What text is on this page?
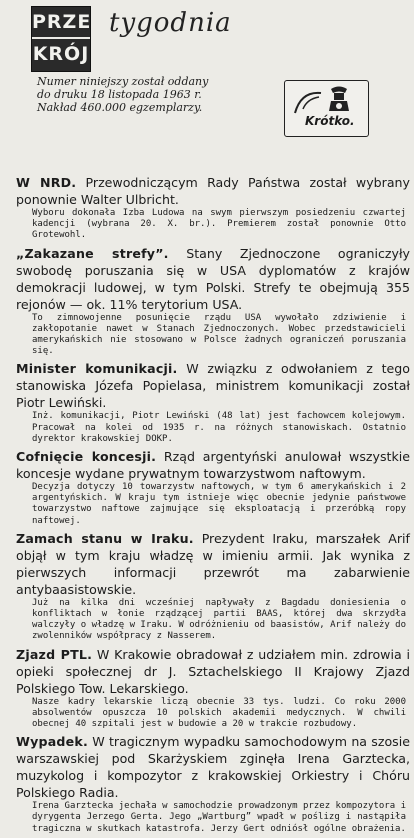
PRZE
KRÓJ
tygodnia
Numer niniejszy został oddany
do druku 18 listopada 1963 r.
Nakład 460.000 egzemplarzy.
Krótko.

W NRD. Przewodniczącym Rady Państwa został wybrany ponownie Walter Ulbricht.

Wyboru dokonała Izba Ludowa na swym pierwszym posiedzeniu czwartej kadencji (wybrana 20. X. br.). Premierem został ponownie Otto Grotewohl.

„Zakazane strefy”. Stany Zjednoczone ograniczyły swobodę poruszania się w USA dyplomatów z krajów demokracji ludowej, w tym Polski. Strefy te obejmują 355 rejonów — ok. 11% terytorium USA.

To zimnowojenne posunięcie rządu USA wywołało zdziwienie i zakłopotanie nawet w Stanach Zjednoczonych. Wobec przedstawicieli amerykańskich nie stosowano w Polsce żadnych ograniczeń poruszania się.

Minister komunikacji. W związku z odwołaniem z tego stanowiska Józefa Popielasa, ministrem komunikacji został Piotr Lewiński.

Inż. komunikacji, Piotr Lewiński (48 lat) jest fachowcem kolejowym. Pracował na kolei od 1935 r. na różnych stanowiskach. Ostatnio dyrektor krakowskiej DOKP.

Cofnięcie koncesji. Rząd argentyński anulował wszystkie koncesje wydane prywatnym towarzystwom naftowym.

Decyzja dotyczy 10 towarzystw naftowych, w tym 6 amerykańskich i 2 argentyńskich. W kraju tym istnieje więc obecnie jedynie państwowe towarzystwo naftowe zajmujące się eksploatacją i przeróbką ropy naftowej.

Zamach stanu w Iraku. Prezydent Iraku, marszałek Arif objął w tym kraju władzę w imieniu armii. Jak wynika z pierwszych informacji przewrót ma zabarwienie antybaasistowskie.

Już na kilka dni wcześniej napływały z Bagdadu doniesienia o konfliktach w łonie rządzącej partii BAAS, której dwa skrzydła walczyły o władzę w Iraku. W odróżnieniu od baasistów, Arif należy do zwolenników współpracy z Nasserem.

Zjazd PTL. W Krakowie obradował z udziałem min. zdrowia i opieki społecznej dr J. Sztachelskiego II Krajowy Zjazd Polskiego Tow. Lekarskiego.

Nasze kadry lekarskie liczą obecnie 33 tys. ludzi. Co roku 2000 absolwentów opuszcza 10 polskich akademii medycznych. W chwili obecnej 40 szpitali jest w budowie a 20 w trakcie rozbudowy.

Wypadek. W tragicznym wypadku samochodowym na szosie warszawskiej pod Skarżyskiem zginęła Irena Garztecka, muzykolog i kompozytor z krakowskiej Orkiestry i Chóru Polskiego Radia.

Irena Garztecka jechała w samochodzie prowadzonym przez kompozytora i dyrygenta Jerzego Gerta. Jego „Wartburg” wpadł w poślizg i nastąpiła tragiczna w skutkach katastrofa. Jerzy Gert odniósł ogólne obrażenia.
